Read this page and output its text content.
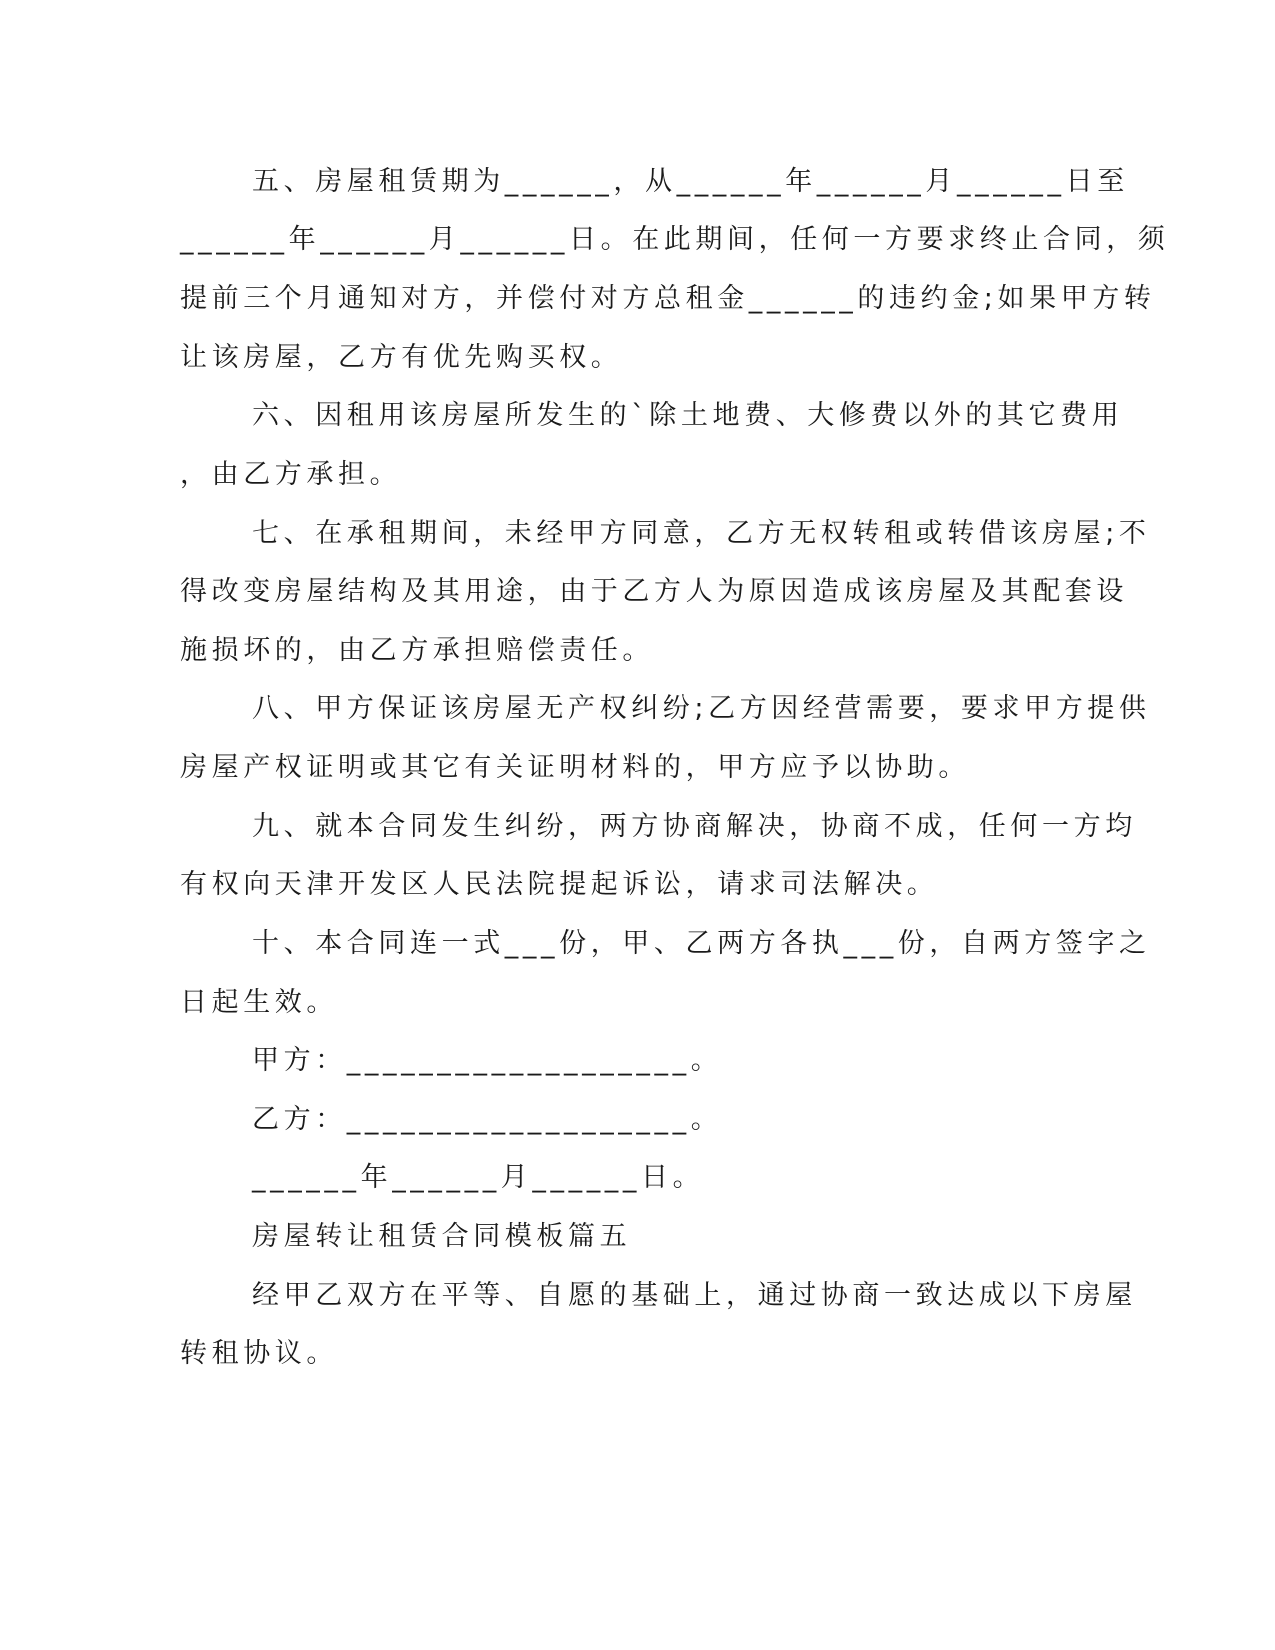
五、房屋租赁期为______，从______年______月______日至
______年______月______日。在此期间，任何一方要求终止合同，须
提前三个月通知对方，并偿付对方总租金______的违约金;如果甲方转
让该房屋，乙方有优先购买权。
六、因租用该房屋所发生的`除土地费、大修费以外的其它费用
，由乙方承担。
七、在承租期间，未经甲方同意，乙方无权转租或转借该房屋;不
得改变房屋结构及其用途，由于乙方人为原因造成该房屋及其配套设
施损坏的，由乙方承担赔偿责任。
八、甲方保证该房屋无产权纠纷;乙方因经营需要，要求甲方提供
房屋产权证明或其它有关证明材料的，甲方应予以协助。
九、就本合同发生纠纷，两方协商解决，协商不成，任何一方均
有权向天津开发区人民法院提起诉讼，请求司法解决。
十、本合同连一式___份，甲、乙两方各执___份，自两方签字之
日起生效。
甲方：___________________。
乙方：___________________。
______年______月______日。
房屋转让租赁合同模板篇五
经甲乙双方在平等、自愿的基础上，通过协商一致达成以下房屋
转租协议。
